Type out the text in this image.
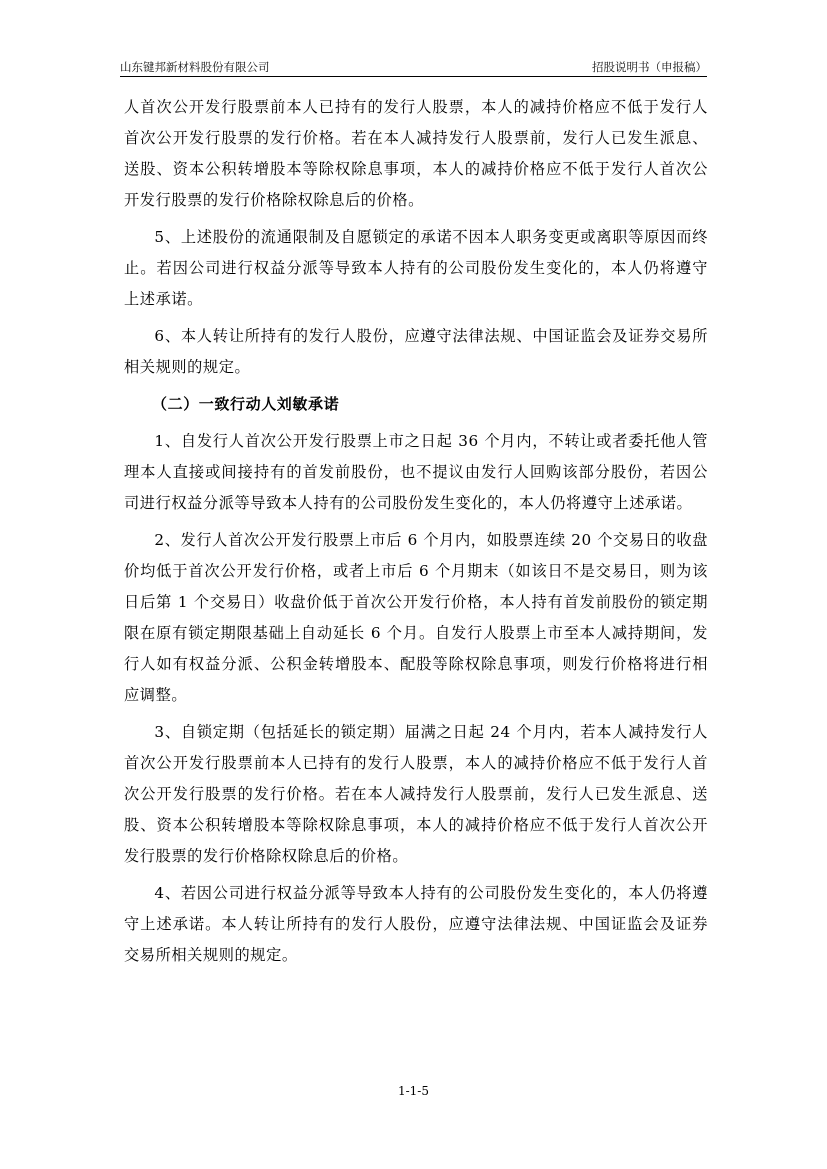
山东键邦新材料股份有限公司	招股说明书（申报稿）

人首次公开发行股票前本人已持有的发行人股票，本人的减持价格应不低于发行人首次公开发行股票的发行价格。若在本人减持发行人股票前，发行人已发生派息、送股、资本公积转增股本等除权除息事项，本人的减持价格应不低于发行人首次公开发行股票的发行价格除权除息后的价格。

5、上述股份的流通限制及自愿锁定的承诺不因本人职务变更或离职等原因而终止。若因公司进行权益分派等导致本人持有的公司股份发生变化的，本人仍将遵守上述承诺。

6、本人转让所持有的发行人股份，应遵守法律法规、中国证监会及证券交易所相关规则的规定。

（二）一致行动人刘敏承诺

1、自发行人首次公开发行股票上市之日起 36 个月内，不转让或者委托他人管理本人直接或间接持有的首发前股份，也不提议由发行人回购该部分股份，若因公司进行权益分派等导致本人持有的公司股份发生变化的，本人仍将遵守上述承诺。

2、发行人首次公开发行股票上市后 6 个月内，如股票连续 20 个交易日的收盘价均低于首次公开发行价格，或者上市后 6 个月期末（如该日不是交易日，则为该日后第 1 个交易日）收盘价低于首次公开发行价格，本人持有首发前股份的锁定期限在原有锁定期限基础上自动延长 6 个月。自发行人股票上市至本人减持期间，发行人如有权益分派、公积金转增股本、配股等除权除息事项，则发行价格将进行相应调整。

3、自锁定期（包括延长的锁定期）届满之日起 24 个月内，若本人减持发行人首次公开发行股票前本人已持有的发行人股票，本人的减持价格应不低于发行人首次公开发行股票的发行价格。若在本人减持发行人股票前，发行人已发生派息、送股、资本公积转增股本等除权除息事项，本人的减持价格应不低于发行人首次公开发行股票的发行价格除权除息后的价格。

4、若因公司进行权益分派等导致本人持有的公司股份发生变化的，本人仍将遵守上述承诺。本人转让所持有的发行人股份，应遵守法律法规、中国证监会及证券交易所相关规则的规定。

1-1-5
